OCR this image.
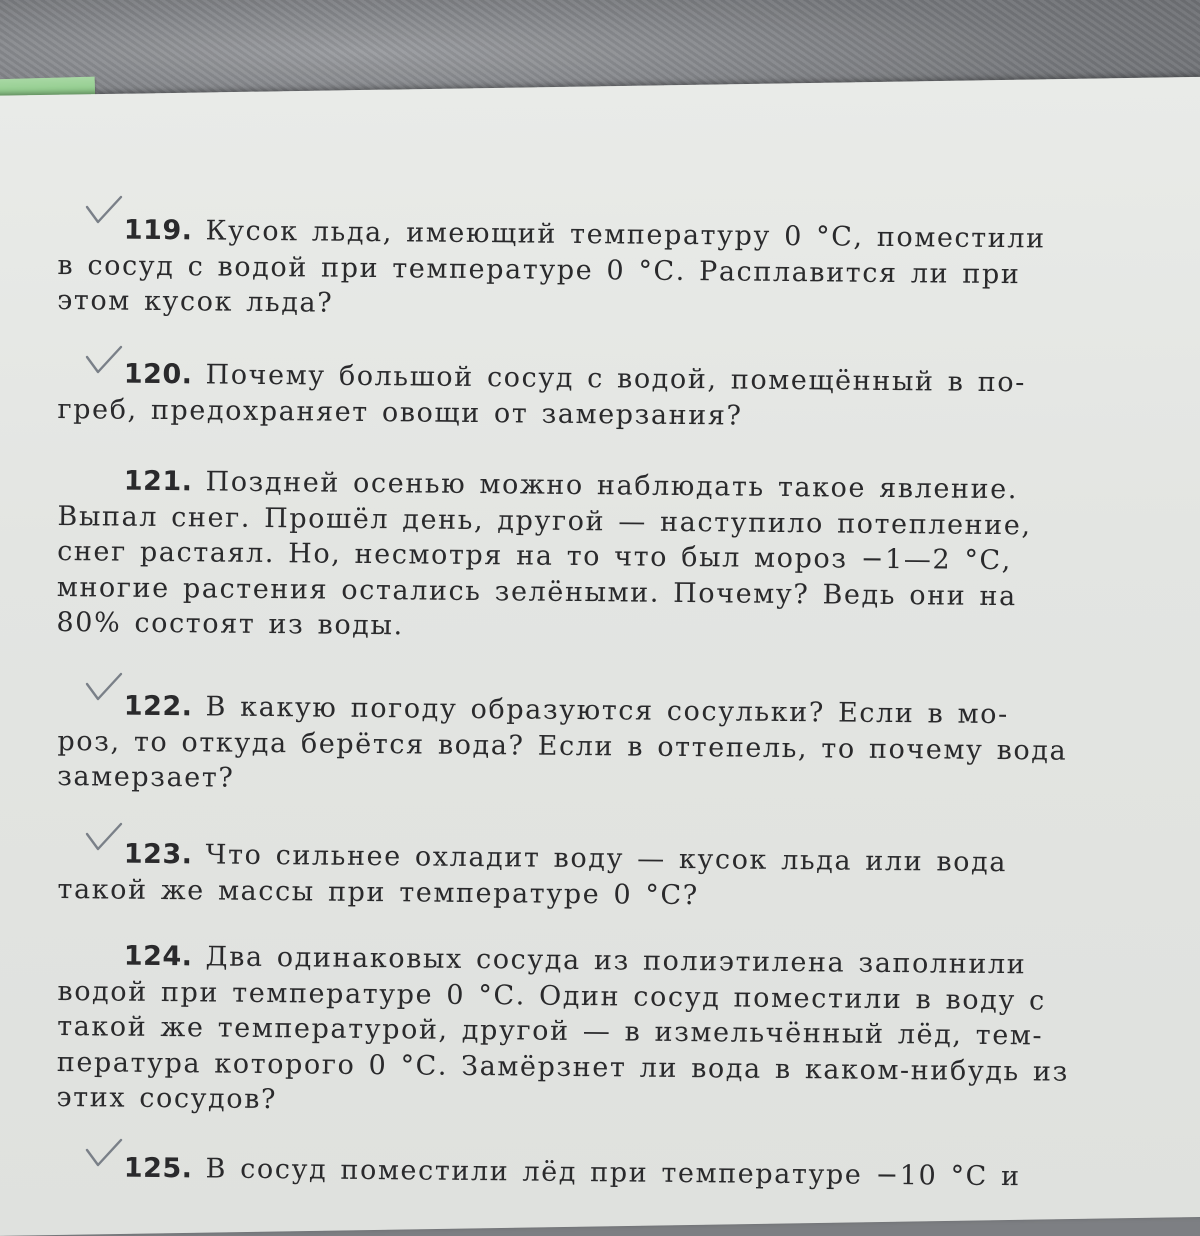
119. Кусок льда, имеющий температуру 0 °С, поместили
в сосуд с водой при температуре 0 °С. Расплавится ли при
этом кусок льда?
120. Почему большой сосуд с водой, помещённый в по-
греб, предохраняет овощи от замерзания?
121. Поздней осенью можно наблюдать такое явление.
Выпал снег. Прошёл день, другой — наступило потепление,
снег растаял. Но, несмотря на то что был мороз −1—2 °С,
многие растения остались зелёными. Почему? Ведь они на
80% состоят из воды.
122. В какую погоду образуются сосульки? Если в мо-
роз, то откуда берётся вода? Если в оттепель, то почему вода
замерзает?
123. Что сильнее охладит воду — кусок льда или вода
такой же массы при температуре 0 °С?
124. Два одинаковых сосуда из полиэтилена заполнили
водой при температуре 0 °С. Один сосуд поместили в воду с
такой же температурой, другой — в измельчённый лёд, тем-
пература которого 0 °С. Замёрзнет ли вода в каком-нибудь из
этих сосудов?
125. В сосуд поместили лёд при температуре −10 °С и
